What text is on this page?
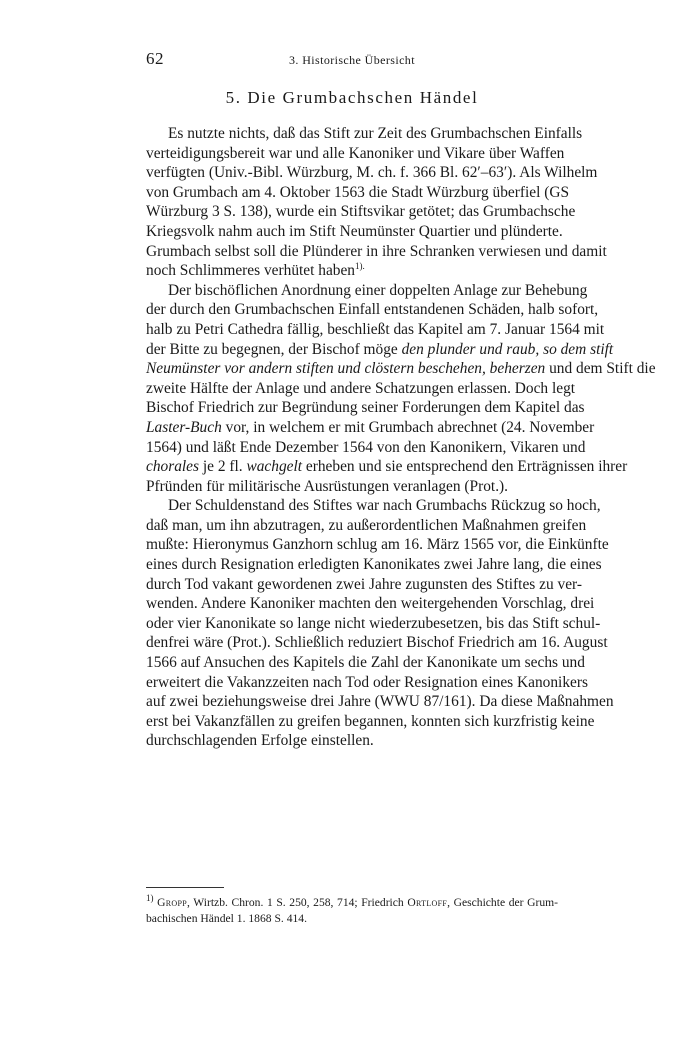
62	3. Historische Übersicht
5. Die Grumbachschen Händel
Es nutzte nichts, daß das Stift zur Zeit des Grumbachschen Einfalls
verteidigungsbereit war und alle Kanoniker und Vikare über Waffen
verfügten (Univ.-Bibl. Würzburg, M. ch. f. 366 Bl. 62′–63′). Als Wilhelm
von Grumbach am 4. Oktober 1563 die Stadt Würzburg überfiel (GS
Würzburg 3 S. 138), wurde ein Stiftsvikar getötet; das Grumbachsche
Kriegsvolk nahm auch im Stift Neumünster Quartier und plünderte.
Grumbach selbst soll die Plünderer in ihre Schranken verwiesen und damit
noch Schlimmeres verhütet haben$^{1).}$
Der bischöflichen Anordnung einer doppelten Anlage zur Behebung
der durch den Grumbachschen Einfall entstandenen Schäden, halb sofort,
halb zu Petri Cathedra fällig, beschließt das Kapitel am 7. Januar 1564 mit
der Bitte zu begegnen, der Bischof möge den plunder und raub, so dem stift
Neumünster vor andern stiften und clöstern beschehen, beherzen und dem Stift die
zweite Hälfte der Anlage und andere Schatzungen erlassen. Doch legt
Bischof Friedrich zur Begründung seiner Forderungen dem Kapitel das
Laster-Buch vor, in welchem er mit Grumbach abrechnet (24. November
1564) und läßt Ende Dezember 1564 von den Kanonikern, Vikaren und
chorales je 2 fl. wachgelt erheben und sie entsprechend den Erträgnissen ihrer
Pfründen für militärische Ausrüstungen veranlagen (Prot.).
Der Schuldenstand des Stiftes war nach Grumbachs Rückzug so hoch,
daß man, um ihn abzutragen, zu außerordentlichen Maßnahmen greifen
mußte: Hieronymus Ganzhorn schlug am 16. März 1565 vor, die Einkünfte
eines durch Resignation erledigten Kanonikates zwei Jahre lang, die eines
durch Tod vakant gewordenen zwei Jahre zugunsten des Stiftes zu ver-
wenden. Andere Kanoniker machten den weitergehenden Vorschlag, drei
oder vier Kanonikate so lange nicht wiederzubesetzen, bis das Stift schul-
denfrei wäre (Prot.). Schließlich reduziert Bischof Friedrich am 16. August
1566 auf Ansuchen des Kapitels die Zahl der Kanonikate um sechs und
erweitert die Vakanzzeiten nach Tod oder Resignation eines Kanonikers
auf zwei beziehungsweise drei Jahre (WWU 87/161). Da diese Maßnahmen
erst bei Vakanzfällen zu greifen begannen, konnten sich kurzfristig keine
durchschlagenden Erfolge einstellen.
$^{1)}$ Gropp, Wirtzb. Chron. 1 S. 250, 258, 714; Friedrich Ortloff, Geschichte der Grum-
bachischen Händel 1. 1868 S. 414.
